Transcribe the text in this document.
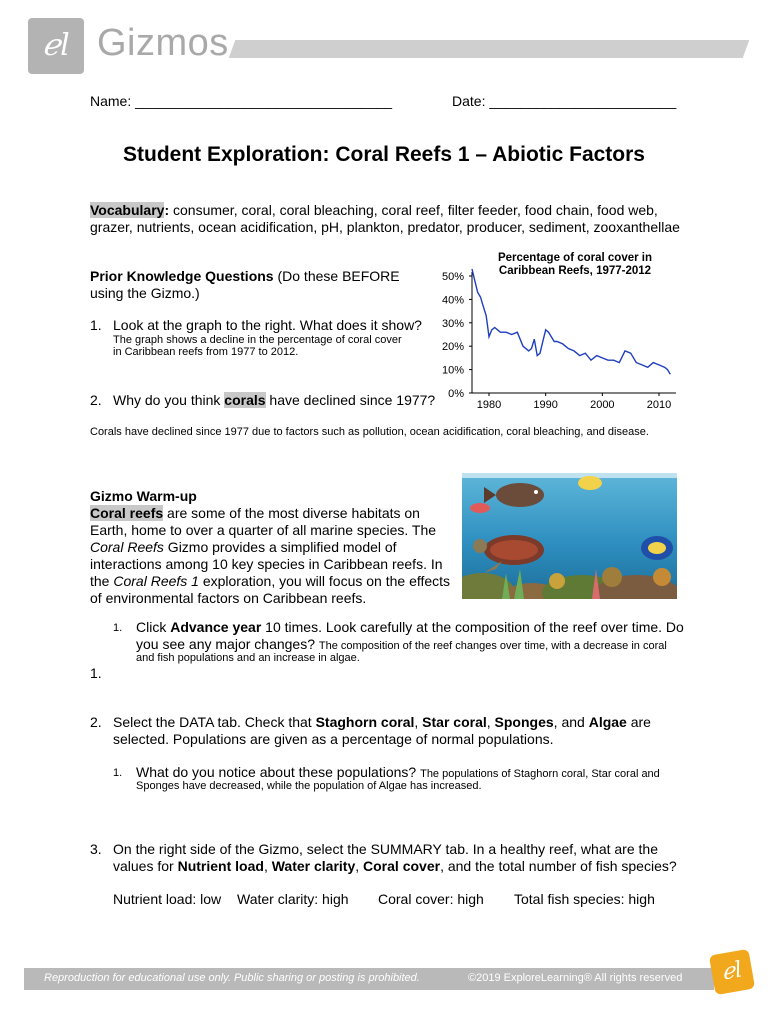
ℯl Gizmos
Name: _________________________________	Date: ________________________
Student Exploration: Coral Reefs 1 – Abiotic Factors
Vocabulary: consumer, coral, coral bleaching, coral reef, filter feeder, food chain, food web,
grazer, nutrients, ocean acidification, pH, plankton, predator, producer, sediment, zooxanthellae
Prior Knowledge Questions (Do these BEFORE
using the Gizmo.)
1. Look at the graph to the right. What does it show?
The graph shows a decline in the percentage of coral cover
in Caribbean reefs from 1977 to 2012.
2. Why do you think corals have declined since 1977?
Corals have declined since 1977 due to factors such as pollution, ocean acidification, coral bleaching, and disease.
Percentage of coral cover in
Caribbean Reefs, 1977-2012
0%
10%
20%
30%
40%
50%
1980	1990	2000	2010
Gizmo Warm-up
Coral reefs are some of the most diverse habitats on
Earth, home to over a quarter of all marine species. The
Coral Reefs Gizmo provides a simplified model of
interactions among 10 key species in Caribbean reefs. In
the Coral Reefs 1 exploration, you will focus on the effects
of environmental factors on Caribbean reefs.
1. Click Advance year 10 times. Look carefully at the composition of the reef over time. Do
you see any major changes? The composition of the reef changes over time, with a decrease in coral
and fish populations and an increase in algae.
1.
2. Select the DATA tab. Check that Staghorn coral, Star coral, Sponges, and Algae are
selected. Populations are given as a percentage of normal populations.
1. What do you notice about these populations? The populations of Staghorn coral, Star coral and
Sponges have decreased, while the population of Algae has increased.
3. On the right side of the Gizmo, select the SUMMARY tab. In a healthy reef, what are the
values for Nutrient load, Water clarity, Coral cover, and the total number of fish species?
Nutrient load: low Water clarity: high Coral cover: high Total fish species: high
Reproduction for educational use only. Public sharing or posting is prohibited.	©2019 ExploreLearning® All rights reserved	ℯl
